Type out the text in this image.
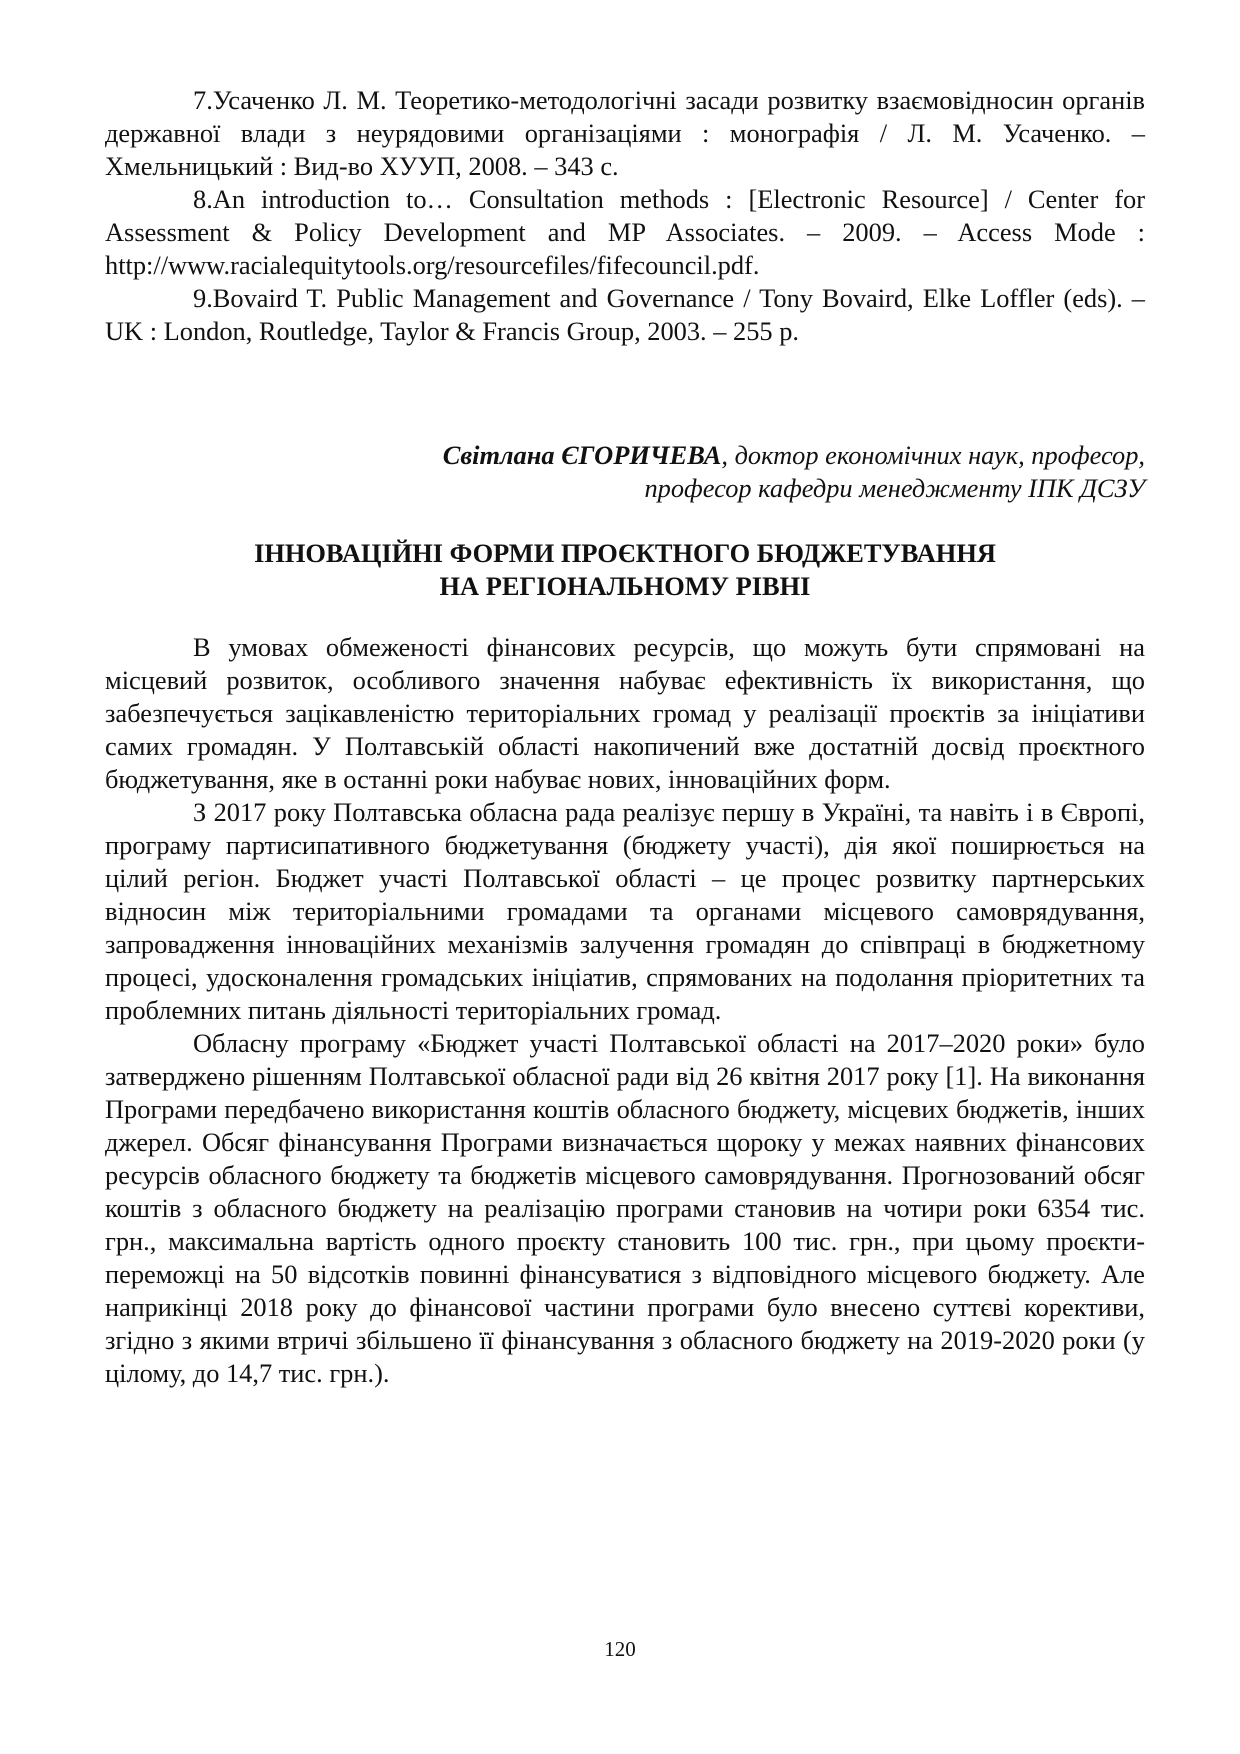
7.Усаченко Л. М. Теоретико-методологічні засади розвитку взаємовідносин органів державної влади з неурядовими організаціями : монографія / Л. М. Усаченко. – Хмельницький : Вид-во ХУУП, 2008. – 343 с.

8.An introduction to… Consultation methods : [Electronic Resource] / Center for Assessment & Policy Development and MP Associates. – 2009. – Access Mode : http://www.racialequitytools.org/resourcefiles/fifecouncil.pdf.

9.Bovaird T. Public Management and Governance / Tony Bovaird, Elke Loffler (eds). – UK : London, Routledge, Taylor & Francis Group, 2003. – 255 p.

Світлана ЄГОРИЧЕВА, доктор економічних наук, професор,
професор кафедри менеджменту ІПК ДСЗУ
ІННОВАЦІЙНІ ФОРМИ ПРОЄКТНОГО БЮДЖЕТУВАННЯ
НА РЕГІОНАЛЬНОМУ РІВНІ

В умовах обмеженості фінансових ресурсів, що можуть бути спрямовані на місцевий розвиток, особливого значення набуває ефективність їх використання, що забезпечується зацікавленістю територіальних громад у реалізації проєктів за ініціативи самих громадян. У Полтавській області накопичений вже достатній досвід проєктного бюджетування, яке в останні роки набуває нових, інноваційних форм.

З 2017 року Полтавська обласна рада реалізує першу в Україні, та навіть і в Європі, програму партисипативного бюджетування (бюджету участі), дія якої поширюється на цілий регіон. Бюджет участі Полтавської області – це процес розвитку партнерських відносин між територіальними громадами та органами місцевого самоврядування, запровадження інноваційних механізмів залучення громадян до співпраці в бюджетному процесі, удосконалення громадських ініціатив, спрямованих на подолання пріоритетних та проблемних питань діяльності територіальних громад.

Обласну програму «Бюджет участі Полтавської області на 2017–2020 роки» було затверджено рішенням Полтавської обласної ради від 26 квітня 2017 року [1]. На виконання Програми передбачено використання коштів обласного бюджету, місцевих бюджетів, інших джерел. Обсяг фінансування Програми визначається щороку у межах наявних фінансових ресурсів обласного бюджету та бюджетів місцевого самоврядування. Прогнозований обсяг коштів з обласного бюджету на реалізацію програми становив на чотири роки 6354 тис. грн., максимальна вартість одного проєкту становить 100 тис. грн., при цьому проєкти-переможці на 50 відсотків повинні фінансуватися з відповідного місцевого бюджету. Але наприкінці 2018 року до фінансової частини програми було внесено суттєві корективи, згідно з якими втричі збільшено її фінансування з обласного бюджету на 2019-2020 роки (у цілому, до 14,7 тис. грн.).

120
